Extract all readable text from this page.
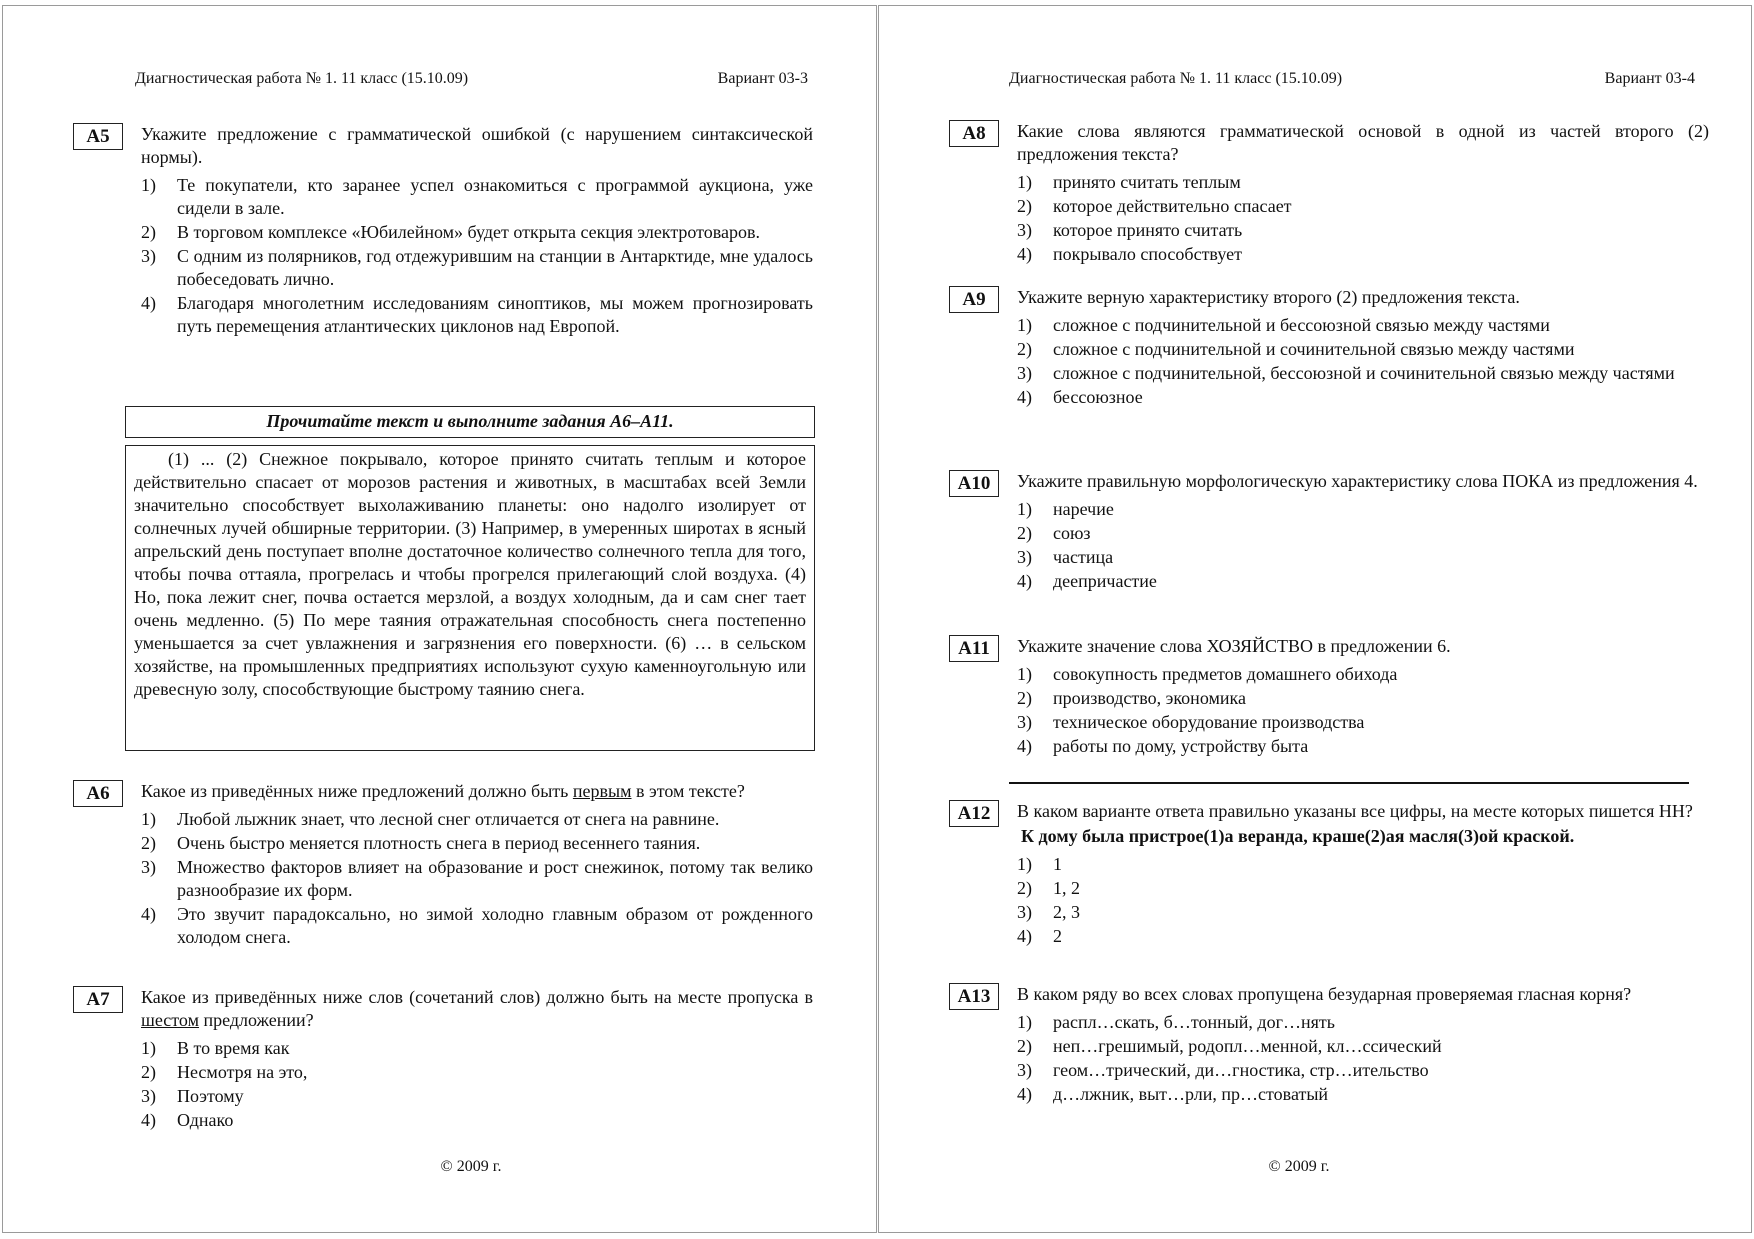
Диагностическая работа № 1. 11 класс (15.10.09)	Вариант 03-3
А5	Укажите предложение с грамматической ошибкой (с нарушением синтаксической нормы).
1)	Те покупатели, кто заранее успел ознакомиться с программой аукциона, уже сидели в зале.
2)	В торговом комплексе «Юбилейном» будет открыта секция электротоваров.
3)	С одним из полярников, год отдежурившим на станции в Антарктиде, мне удалось побеседовать лично.
4)	Благодаря многолетним исследованиям синоптиков, мы можем прогнозировать путь перемещения атлантических циклонов над Европой.
Прочитайте текст и выполните задания А6–А11.
(1) ... (2) Снежное покрывало, которое принято считать теплым и которое действительно спасает от морозов растения и животных, в масштабах всей Земли значительно способствует выхолаживанию планеты: оно надолго изолирует от солнечных лучей обширные территории. (3) Например, в умеренных широтах в ясный апрельский день поступает вполне достаточное количество солнечного тепла для того, чтобы почва оттаяла, прогрелась и чтобы прогрелся прилегающий слой воздуха. (4) Но, пока лежит снег, почва остается мерзлой, а воздух холодным, да и сам снег тает очень медленно. (5) По мере таяния отражательная способность снега постепенно уменьшается за счет увлажнения и загрязнения его поверхности. (6) … в сельском хозяйстве, на промышленных предприятиях используют сухую каменноугольную или древесную золу, способствующие быстрому таянию снега.
А6	Какое из приведённых ниже предложений должно быть первым в этом тексте?
1)	Любой лыжник знает, что лесной снег отличается от снега на равнине.
2)	Очень быстро меняется плотность снега в период весеннего таяния.
3)	Множество факторов влияет на образование и рост снежинок, потому так велико разнообразие их форм.
4)	Это звучит парадоксально, но зимой холодно главным образом от рожденного холодом снега.
А7	Какое из приведённых ниже слов (сочетаний слов) должно быть на месте пропуска в шестом предложении?
1)	В то время как
2)	Несмотря на это,
3)	Поэтому
4)	Однако
© 2009 г.
Диагностическая работа № 1. 11 класс (15.10.09)	Вариант 03-4
А8	Какие слова являются грамматической основой в одной из частей второго (2) предложения текста?
1)	принято считать теплым
2)	которое действительно спасает
3)	которое принято считать
4)	покрывало способствует
А9	Укажите верную характеристику второго (2) предложения текста.
1)	сложное с подчинительной и бессоюзной связью между частями
2)	сложное с подчинительной и сочинительной связью между частями
3)	сложное с подчинительной, бессоюзной и сочинительной связью между частями
4)	бессоюзное
А10	Укажите правильную морфологическую характеристику слова ПОКА из предложения 4.
1)	наречие
2)	союз
3)	частица
4)	деепричастие
А11	Укажите значение слова ХОЗЯЙСТВО в предложении 6.
1)	совокупность предметов домашнего обихода
2)	производство, экономика
3)	техническое оборудование производства
4)	работы по дому, устройству быта
А12	В каком варианте ответа правильно указаны все цифры, на месте которых пишется НН?
К дому была пристрое(1)а веранда, краше(2)ая масля(3)ой краской.
1)	1
2)	1, 2
3)	2, 3
4)	2
А13	В каком ряду во всех словах пропущена безударная проверяемая гласная корня?
1)	распл…скать, б…тонный, дог…нять
2)	неп…грешимый, родопл…менной, кл…ссический
3)	геом…трический, ди…гностика, стр…ительство
4)	д…лжник, выт…рли, пр…стоватый
© 2009 г.
